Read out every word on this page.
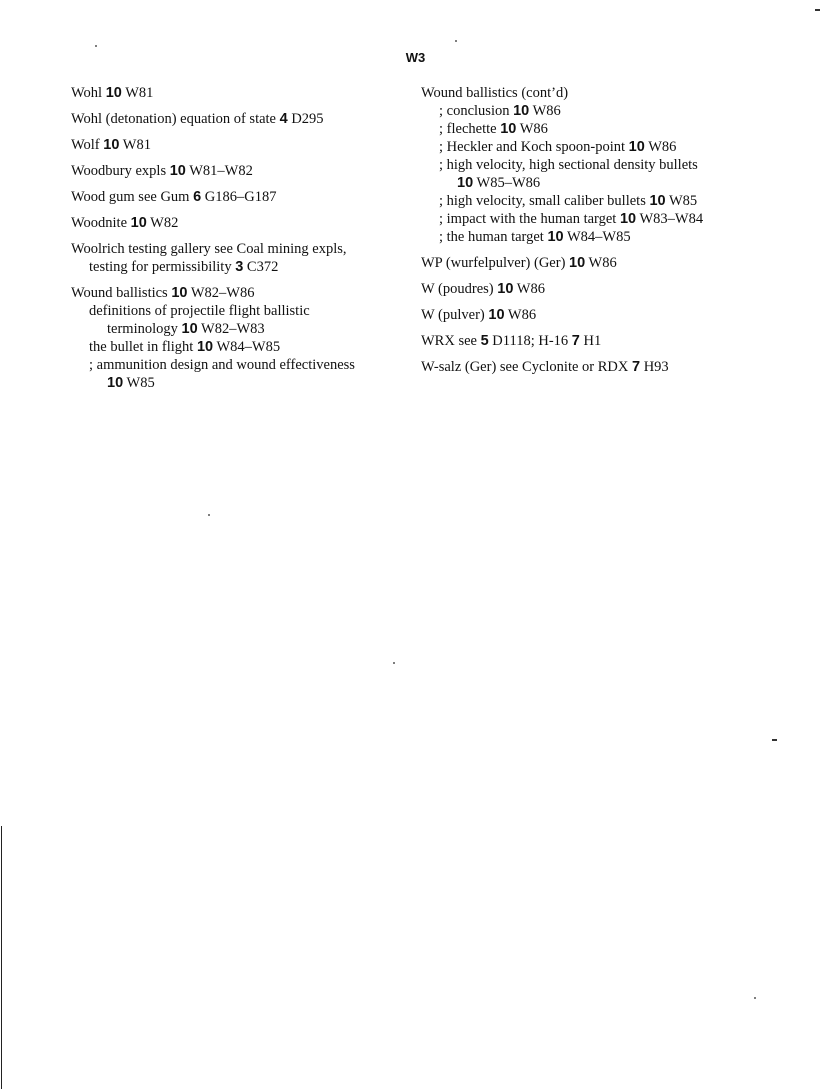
W3
Wohl 10 W81
Wohl (detonation) equation of state 4 D295
Wolf 10 W81
Woodbury expls 10 W81–W82
Wood gum see Gum 6 G186–G187
Woodnite 10 W82
Woolrich testing gallery see Coal mining expls,
testing for permissibility 3 C372
Wound ballistics 10 W82–W86
definitions of projectile flight ballistic
terminology 10 W82–W83
the bullet in flight 10 W84–W85
; ammunition design and wound effectiveness
10 W85
Wound ballistics (cont’d)
; conclusion 10 W86
; flechette 10 W86
; Heckler and Koch spoon-point 10 W86
; high velocity, high sectional density bullets
10 W85–W86
; high velocity, small caliber bullets 10 W85
; impact with the human target 10 W83–W84
; the human target 10 W84–W85
WP (wurfelpulver) (Ger) 10 W86
W (poudres) 10 W86
W (pulver) 10 W86
WRX see 5 D1118; H-16 7 H1
W-salz (Ger) see Cyclonite or RDX 7 H93
